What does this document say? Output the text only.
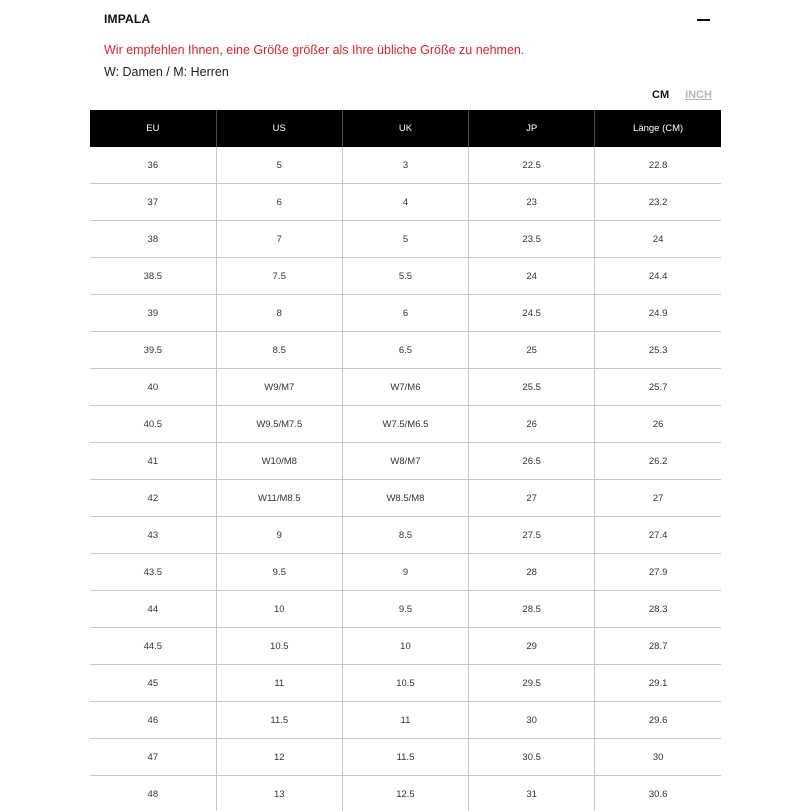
IMPALA
Wir empfehlen Ihnen, eine Größe größer als Ihre übliche Größe zu nehmen.
W: Damen / M: Herren
CM INCH
EU	US	UK	JP	Länge (CM)
36	5	3	22.5	22.8
37	6	4	23	23.2
38	7	5	23.5	24
38.5	7.5	5.5	24	24.4
39	8	6	24.5	24.9
39.5	8.5	6.5	25	25.3
40	W9/M7	W7/M6	25.5	25.7
40.5	W9.5/M7.5	W7.5/M6.5	26	26
41	W10/M8	W8/M7	26.5	26.2
42	W11/M8.5	W8.5/M8	27	27
43	9	8.5	27.5	27.4
43.5	9.5	9	28	27.9
44	10	9.5	28.5	28.3
44.5	10.5	10	29	28.7
45	11	10.5	29.5	29.1
46	11.5	11	30	29.6
47	12	11.5	30.5	30
48	13	12.5	31	30.6
